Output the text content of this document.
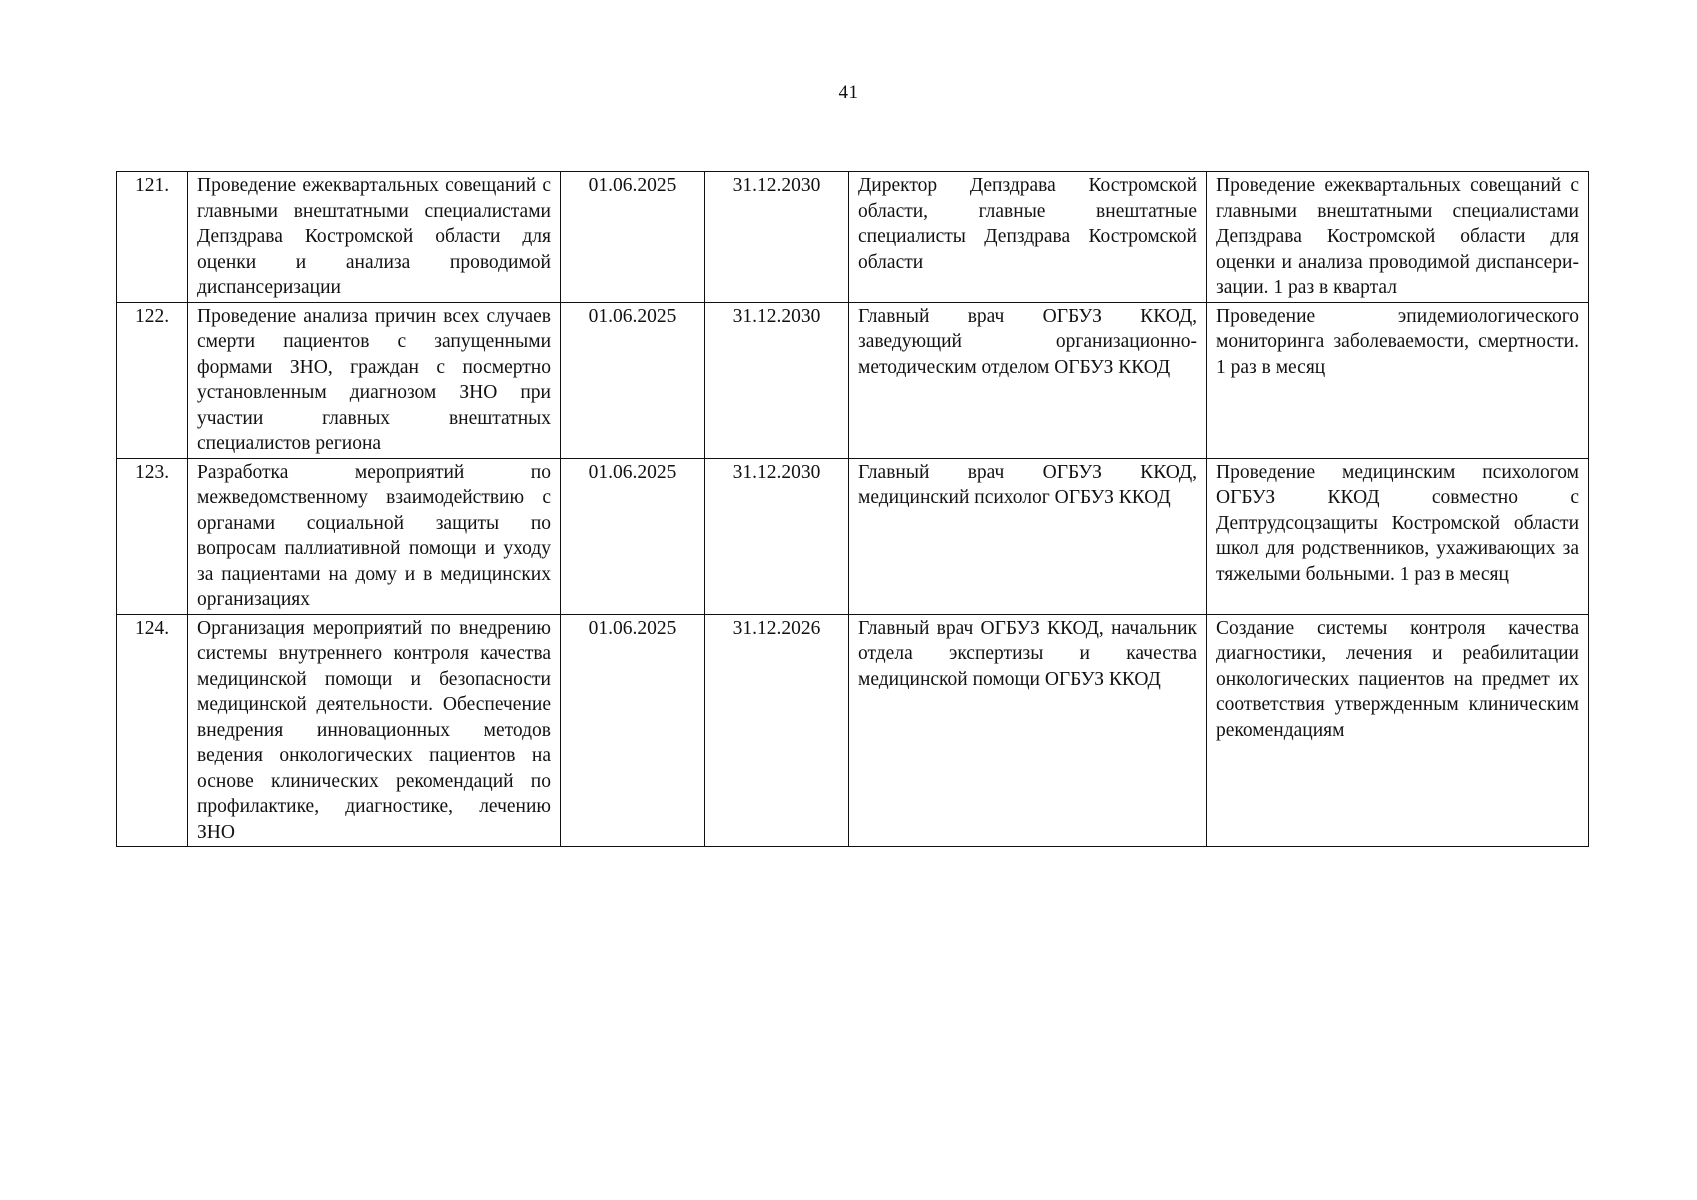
41
121.	Проведение ежеквартальных совещаний с главными внештатными специалистами Депздрава Костромской области для оценки и анализа проводимой диспансеризации	01.06.2025	31.12.2030	Директор Депздрава Костромской области, главные внештатные специалисты Депздрава Костромской области	Проведение ежеквартальных совещаний с главными внештатными специалистами Депздрава Костромской области для оценки и анализа проводимой диспансери-зации. 1 раз в квартал
122.	Проведение анализа причин всех случаев смерти пациентов с запущенными формами ЗНО, граждан с посмертно установленным диагнозом ЗНО при участии главных внештатных специалистов региона	01.06.2025	31.12.2030	Главный врач ОГБУЗ ККОД, заведующий организационно-методическим отделом ОГБУЗ ККОД	Проведение эпидемиологического мониторинга заболеваемости, смертности. 1 раз в месяц
123.	Разработка мероприятий по межведомственному взаимодействию с органами социальной защиты по вопросам паллиативной помощи и уходу за пациентами на дому и в медицинских организациях	01.06.2025	31.12.2030	Главный врач ОГБУЗ ККОД, медицинский психолог ОГБУЗ ККОД	Проведение медицинским психологом ОГБУЗ ККОД совместно с Дептрудсоцзащиты Костромской области школ для родственников, ухаживающих за тяжелыми больными. 1 раз в месяц
124.	Организация мероприятий по внедрению системы внутреннего контроля качества медицинской помощи и безопасности медицинской деятельности. Обеспечение внедрения инновационных методов ведения онкологических пациентов на основе клинических рекомендаций по профилактике, диагностике, лечению ЗНО	01.06.2025	31.12.2026	Главный врач ОГБУЗ ККОД, начальник отдела экспертизы и качества медицинской помощи ОГБУЗ ККОД	Создание системы контроля качества диагностики, лечения и реабилитации онкологических пациентов на предмет их соответствия утвержденным клиническим рекомендациям
